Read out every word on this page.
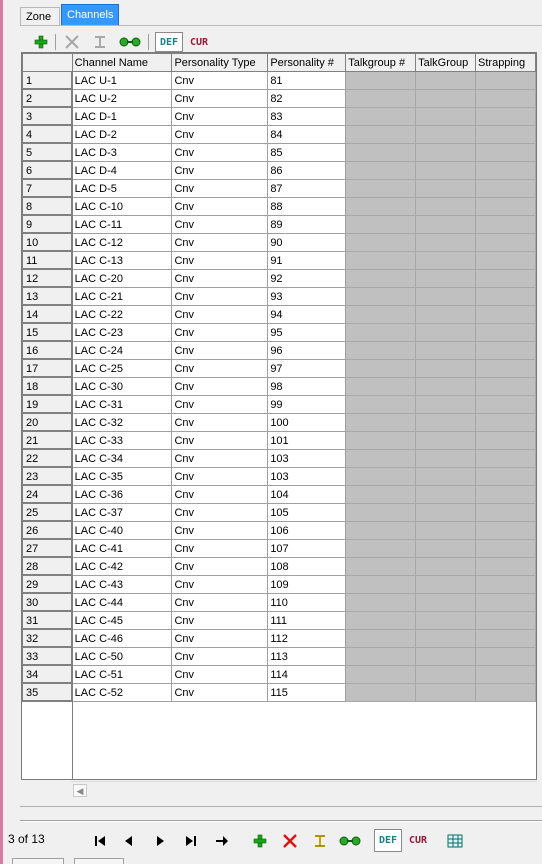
Zone	Channels
DEF CUR
	Channel Name	Personality Type	Personality #	Talkgroup #	TalkGroup	Strapping
1	LAC U-1	Cnv	81			
2	LAC U-2	Cnv	82			
3	LAC D-1	Cnv	83			
4	LAC D-2	Cnv	84			
5	LAC D-3	Cnv	85			
6	LAC D-4	Cnv	86			
7	LAC D-5	Cnv	87			
8	LAC C-10	Cnv	88			
9	LAC C-11	Cnv	89			
10	LAC C-12	Cnv	90			
11	LAC C-13	Cnv	91			
12	LAC C-20	Cnv	92			
13	LAC C-21	Cnv	93			
14	LAC C-22	Cnv	94			
15	LAC C-23	Cnv	95			
16	LAC C-24	Cnv	96			
17	LAC C-25	Cnv	97			
18	LAC C-30	Cnv	98			
19	LAC C-31	Cnv	99			
20	LAC C-32	Cnv	100			
21	LAC C-33	Cnv	101			
22	LAC C-34	Cnv	103			
23	LAC C-35	Cnv	103			
24	LAC C-36	Cnv	104			
25	LAC C-37	Cnv	105			
26	LAC C-40	Cnv	106			
27	LAC C-41	Cnv	107			
28	LAC C-42	Cnv	108			
29	LAC C-43	Cnv	109			
30	LAC C-44	Cnv	110			
31	LAC C-45	Cnv	111			
32	LAC C-46	Cnv	112			
33	LAC C-50	Cnv	113			
34	LAC C-51	Cnv	114			
35	LAC C-52	Cnv	115			
◀
3 of 13	DEF CUR
